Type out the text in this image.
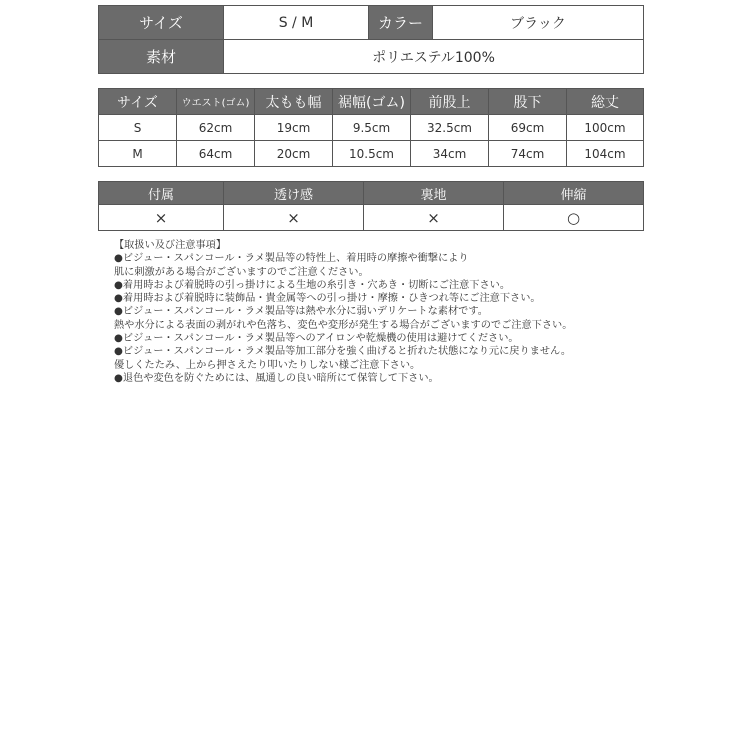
サイズ	S / M	カラー	ブラック
素材	ポリエステル100%		
サイズ	ウエスト(ゴム)	太もも幅	裾幅(ゴム)	前股上	股下	総丈
S	62cm	19cm	9.5cm	32.5cm	69cm	100cm
M	64cm	20cm	10.5cm	34cm	74cm	104cm
付属	透け感	裏地	伸縮
×	×	×	○
【取扱い及び注意事項】
●ビジュー・スパンコール・ラメ製品等の特性上、着用時の摩擦や衝撃により
肌に刺激がある場合がございますのでご注意ください。
●着用時および着脱時の引っ掛けによる生地の糸引き・穴あき・切断にご注意下さい。
●着用時および着脱時に装飾品・貴金属等への引っ掛け・摩擦・ひきつれ等にご注意下さい。
●ビジュー・スパンコール・ラメ製品等は熱や水分に弱いデリケートな素材です。
熱や水分による表面の剥がれや色落ち、変色や変形が発生する場合がございますのでご注意下さい。
●ビジュー・スパンコール・ラメ製品等へのアイロンや乾燥機の使用は避けてください。
●ビジュー・スパンコール・ラメ製品等加工部分を強く曲げると折れた状態になり元に戻りません。
優しくたたみ、上から押さえたり叩いたりしない様ご注意下さい。
●退色や変色を防ぐためには、風通しの良い暗所にて保管して下さい。
